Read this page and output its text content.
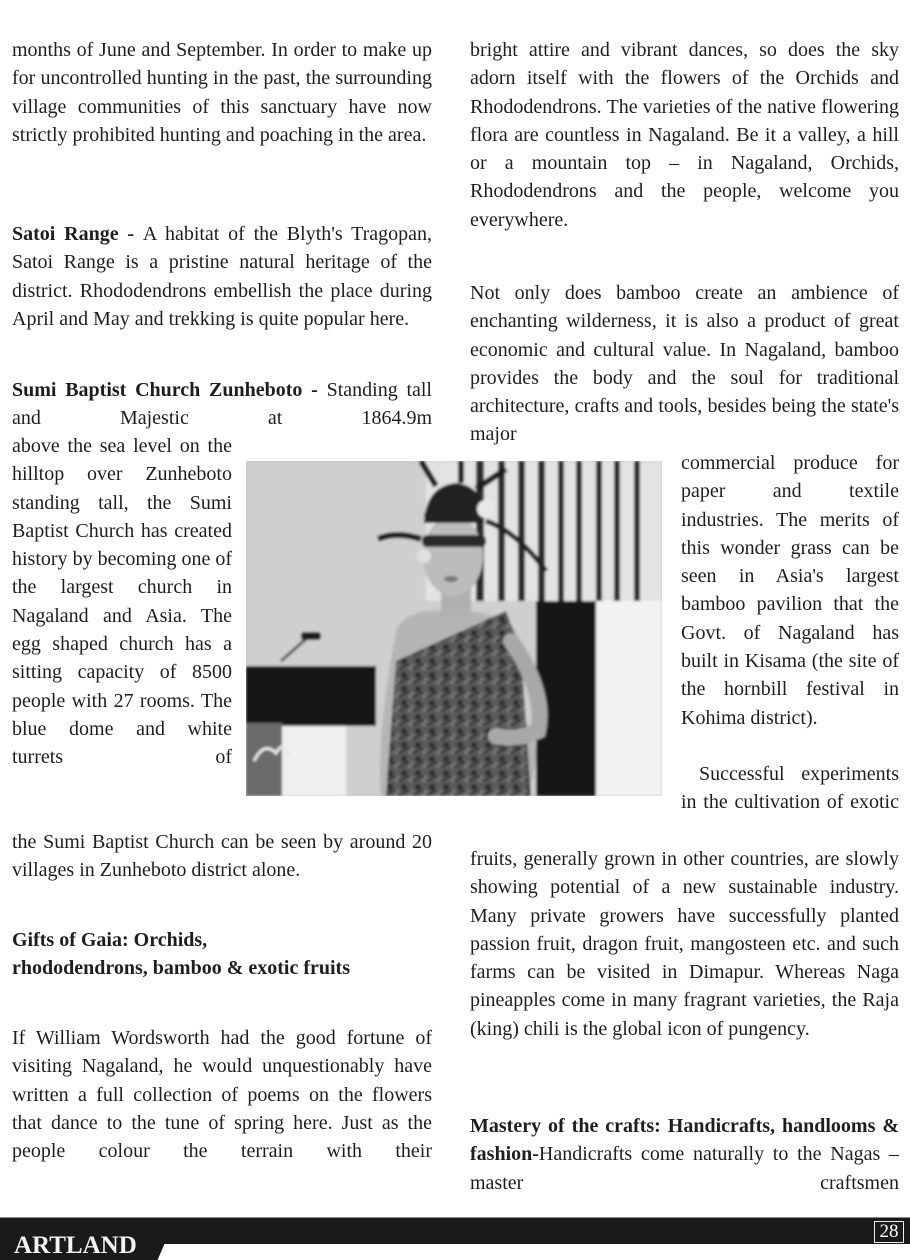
months of June and September. In order to make up for uncontrolled hunting in the past, the surrounding village communities of this sanctuary have now strictly prohibited hunting and poaching in the area.

Satoi Range - A habitat of the Blyth's Tragopan, Satoi Range is a pristine natural heritage of the district. Rhododendrons embellish the place during April and May and trekking is quite popular here.

Sumi Baptist Church Zunheboto - Standing tall and Majestic at 1864.9m

above the sea level on the hilltop over Zunheboto standing tall, the Sumi Baptist Church has created history by becoming one of the largest church in Nagaland and Asia. The egg shaped church has a sitting capacity of 8500 people with 27 rooms. The blue dome and white turrets of

the Sumi Baptist Church can be seen by around 20 villages in Zunheboto district alone.

Gifts of Gaia: Orchids,
rhododendrons, bamboo & exotic fruits

If William Wordsworth had the good fortune of visiting Nagaland, he would unquestionably have written a full collection of poems on the flowers that dance to the tune of spring here. Just as the people colour the terrain with their

bright attire and vibrant dances, so does the sky adorn itself with the flowers of the Orchids and Rhododendrons. The varieties of the native flowering flora are countless in Nagaland. Be it a valley, a hill or a mountain top – in Nagaland, Orchids, Rhododendrons and the people, welcome you everywhere.

Not only does bamboo create an ambience of enchanting wilderness, it is also a product of great economic and cultural value. In Nagaland, bamboo provides the body and the soul for traditional architecture, crafts and tools, besides being the state's major

commercial produce for paper and textile industries. The merits of this wonder grass can be seen in Asia's largest bamboo pavilion that the Govt. of Nagaland has built in Kisama (the site of the hornbill festival in Kohima district).

Successful experiments in the cultivation of exotic

fruits, generally grown in other countries, are slowly showing potential of a new sustainable industry. Many private growers have successfully planted passion fruit, dragon fruit, mangosteen etc. and such farms can be visited in Dimapur. Whereas Naga pineapples come in many fragrant varieties, the Raja (king) chili is the global icon of pungency.

Mastery of the crafts: Handicrafts, handlooms & fashion-Handicrafts come naturally to the Nagas – master craftsmen

ARTLAND
28
